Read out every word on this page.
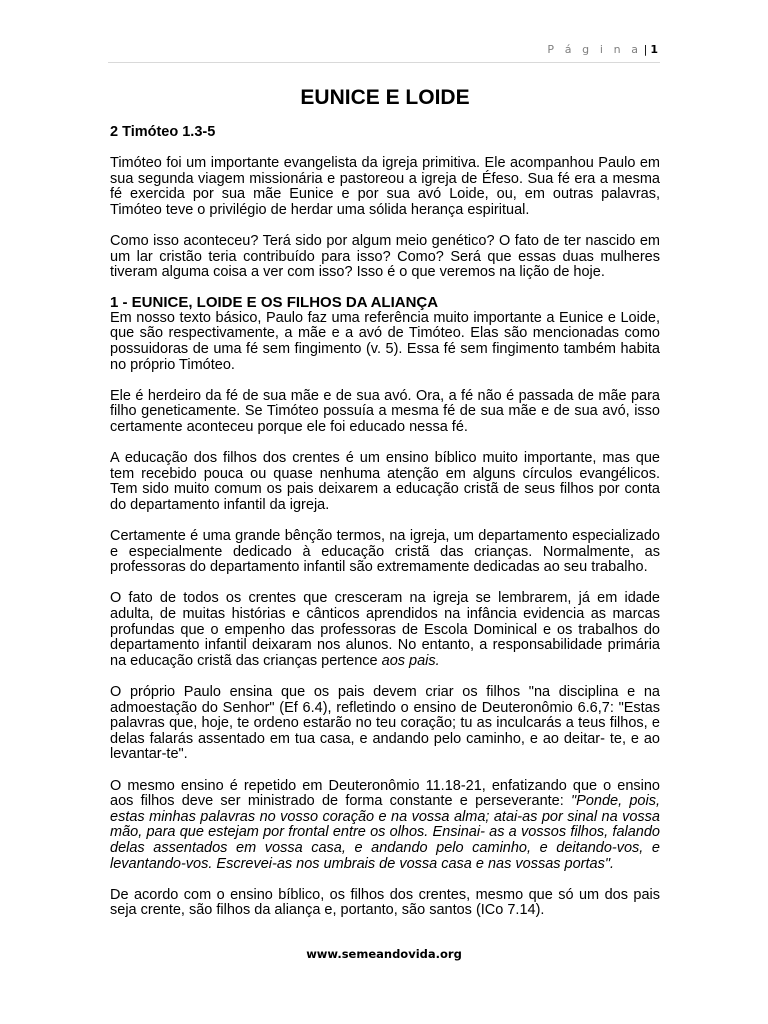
P á g i n a | 1
EUNICE E LOIDE
2 Timóteo 1.3-5

Timóteo foi um importante evangelista da igreja primitiva. Ele acompanhou Paulo em sua segunda viagem missionária e pastoreou a igreja de Éfeso. Sua fé era a mesma fé exercida por sua mãe Eunice e por sua avó Loide, ou, em outras palavras, Timóteo teve o privilégio de herdar uma sólida herança espiritual.

Como isso aconteceu? Terá sido por algum meio genético? O fato de ter nascido em um lar cristão teria contribuído para isso? Como? Será que essas duas mulheres tiveram alguma coisa a ver com isso? Isso é o que veremos na lição de hoje.

1 - EUNICE, LOIDE E OS FILHOS DA ALIANÇA

Em nosso texto básico, Paulo faz uma referência muito importante a Eunice e Loide, que são respectivamente, a mãe e a avó de Timóteo. Elas são mencionadas como possuidoras de uma fé sem fingimento (v. 5). Essa fé sem fingimento também habita no próprio Timóteo.

Ele é herdeiro da fé de sua mãe e de sua avó. Ora, a fé não é passada de mãe para filho geneticamente. Se Timóteo possuía a mesma fé de sua mãe e de sua avó, isso certamente aconteceu porque ele foi educado nessa fé.

A educação dos filhos dos crentes é um ensino bíblico muito importante, mas que tem recebido pouca ou quase nenhuma atenção em alguns círculos evangélicos. Tem sido muito comum os pais deixarem a educação cristã de seus filhos por conta do departamento infantil da igreja.

Certamente é uma grande bênção termos, na igreja, um departamento especializado e especialmente dedicado à educação cristã das crianças. Normalmente, as professoras do departamento infantil são extremamente dedicadas ao seu trabalho.

O fato de todos os crentes que cresceram na igreja se lembrarem, já em idade adulta, de muitas histórias e cânticos aprendidos na infância evidencia as marcas profundas que o empenho das professoras de Escola Dominical e os trabalhos do departamento infantil deixaram nos alunos. No entanto, a responsabilidade primária na educação cristã das crianças pertence aos pais.

O próprio Paulo ensina que os pais devem criar os filhos "na disciplina e na admoestação do Senhor" (Ef 6.4), refletindo o ensino de Deuteronômio 6.6,7: "Estas palavras que, hoje, te ordeno estarão no teu coração; tu as inculcarás a teus filhos, e delas falarás assentado em tua casa, e andando pelo caminho, e ao deitar- te, e ao levantar-te".

O mesmo ensino é repetido em Deuteronômio 11.18-21, enfatizando que o ensino aos filhos deve ser ministrado de forma constante e perseverante: "Ponde, pois, estas minhas palavras no vosso coração e na vossa alma; atai-as por sinal na vossa mão, para que estejam por frontal entre os olhos. Ensinai- as a vossos filhos, falando delas assentados em vossa casa, e andando pelo caminho, e deitando-vos, e levantando-vos. Escrevei-as nos umbrais de vossa casa e nas vossas portas".

De acordo com o ensino bíblico, os filhos dos crentes, mesmo que só um dos pais seja crente, são filhos da aliança e, portanto, são santos (ICo 7.14).

www.semeandovida.org
